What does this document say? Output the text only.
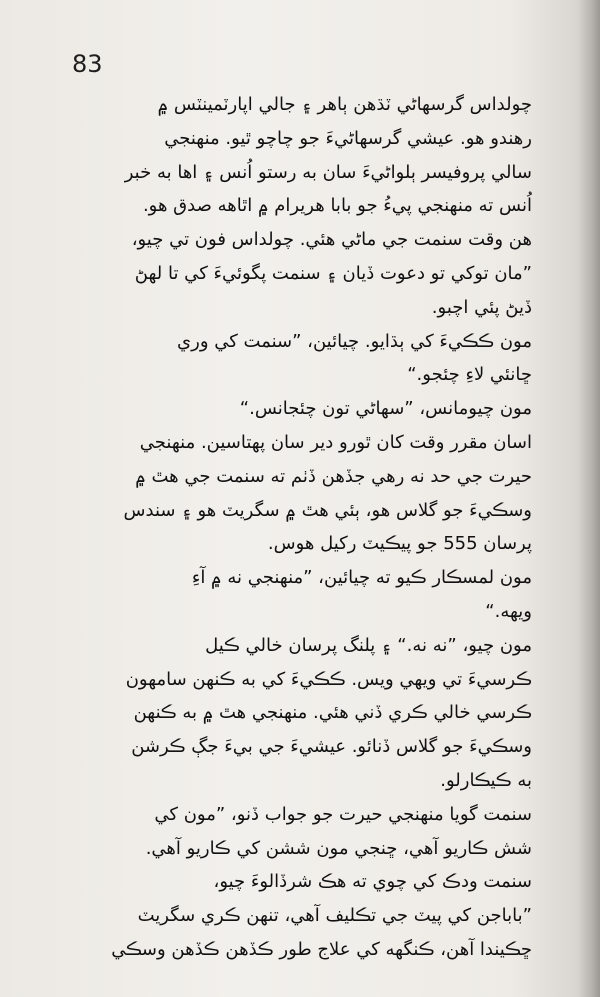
83
چولداس گرسهاڻي ٽڌهن ٻاهر ۽ جالي اپارٽمينٽس ۾
رهندو هو. عيشي گرسهاڻيءَ جو چاچو ٿيو. منهنجي
سالي پروفيسر ٻلواڻيءَ سان به رستو اُنس ۽ اها به خبر
اُنس ته منهنجي پيءُ جو بابا هريرام ۾ اٿاهه صدق هو.
هن وقت سنمت جي ماڻي هئي. چولداس فون تي چيو،
”مان توکي تو دعوت ڏيان ۽ سنمت پگوئيءَ کي تا لهڻ
ڏيڻ پئي اچبو.
مون ڪڪيءَ کي ٻڌايو. چيائين، ”سنمت کي وري
ڇانئي لاءِ چئجو.“
مون چيومانس، ”سهاڻي تون چئجانس.“
اسان مقرر وقت کان ٿورو دير سان پهتاسين. منهنجي
حيرت جي حد نه رهي جڏهن ڏٺم ته سنمت جي هٿ ۾
وسڪيءَ جو گلاس هو، ٻئي هٿ ۾ سگريٽ هو ۽ سندس
پرسان 555 جو پيڪيٽ رکيل هوس.
مون لمسڪار ڪيو ته چيائين، ”منهنجي نه ۾ آءِ
ويهه.“
مون چيو، ”نه نه.“ ۽ پلنگ پرسان خالي ڪيل
ڪرسيءَ تي ويهي ويس. ڪڪيءَ کي به ڪنهن سامهون
ڪرسي خالي ڪري ڏني هئي. منهنجي هٿ ۾ به ڪنهن
وسڪيءَ جو گلاس ڏنائو. عيشيءَ جي بيءَ جڳ ڪرشن
به ڪيڪارلو.
سنمت گويا منهنجي حيرت جو جواب ڏنو، ”مون کي
شش ڪاريو آهي، ڇنجي مون ششن کي ڪاريو آهي.
سنمت ودڪ کي چوي ته هڪ شرڏالوءَ چيو،
”باباجن کي پيٽ جي تڪليف آهي، تنهن ڪري سگريٽ
ڇڪيندا آهن، ڪنگهه کي علاج طور ڪڏهن ڪڏهن وسڪي
